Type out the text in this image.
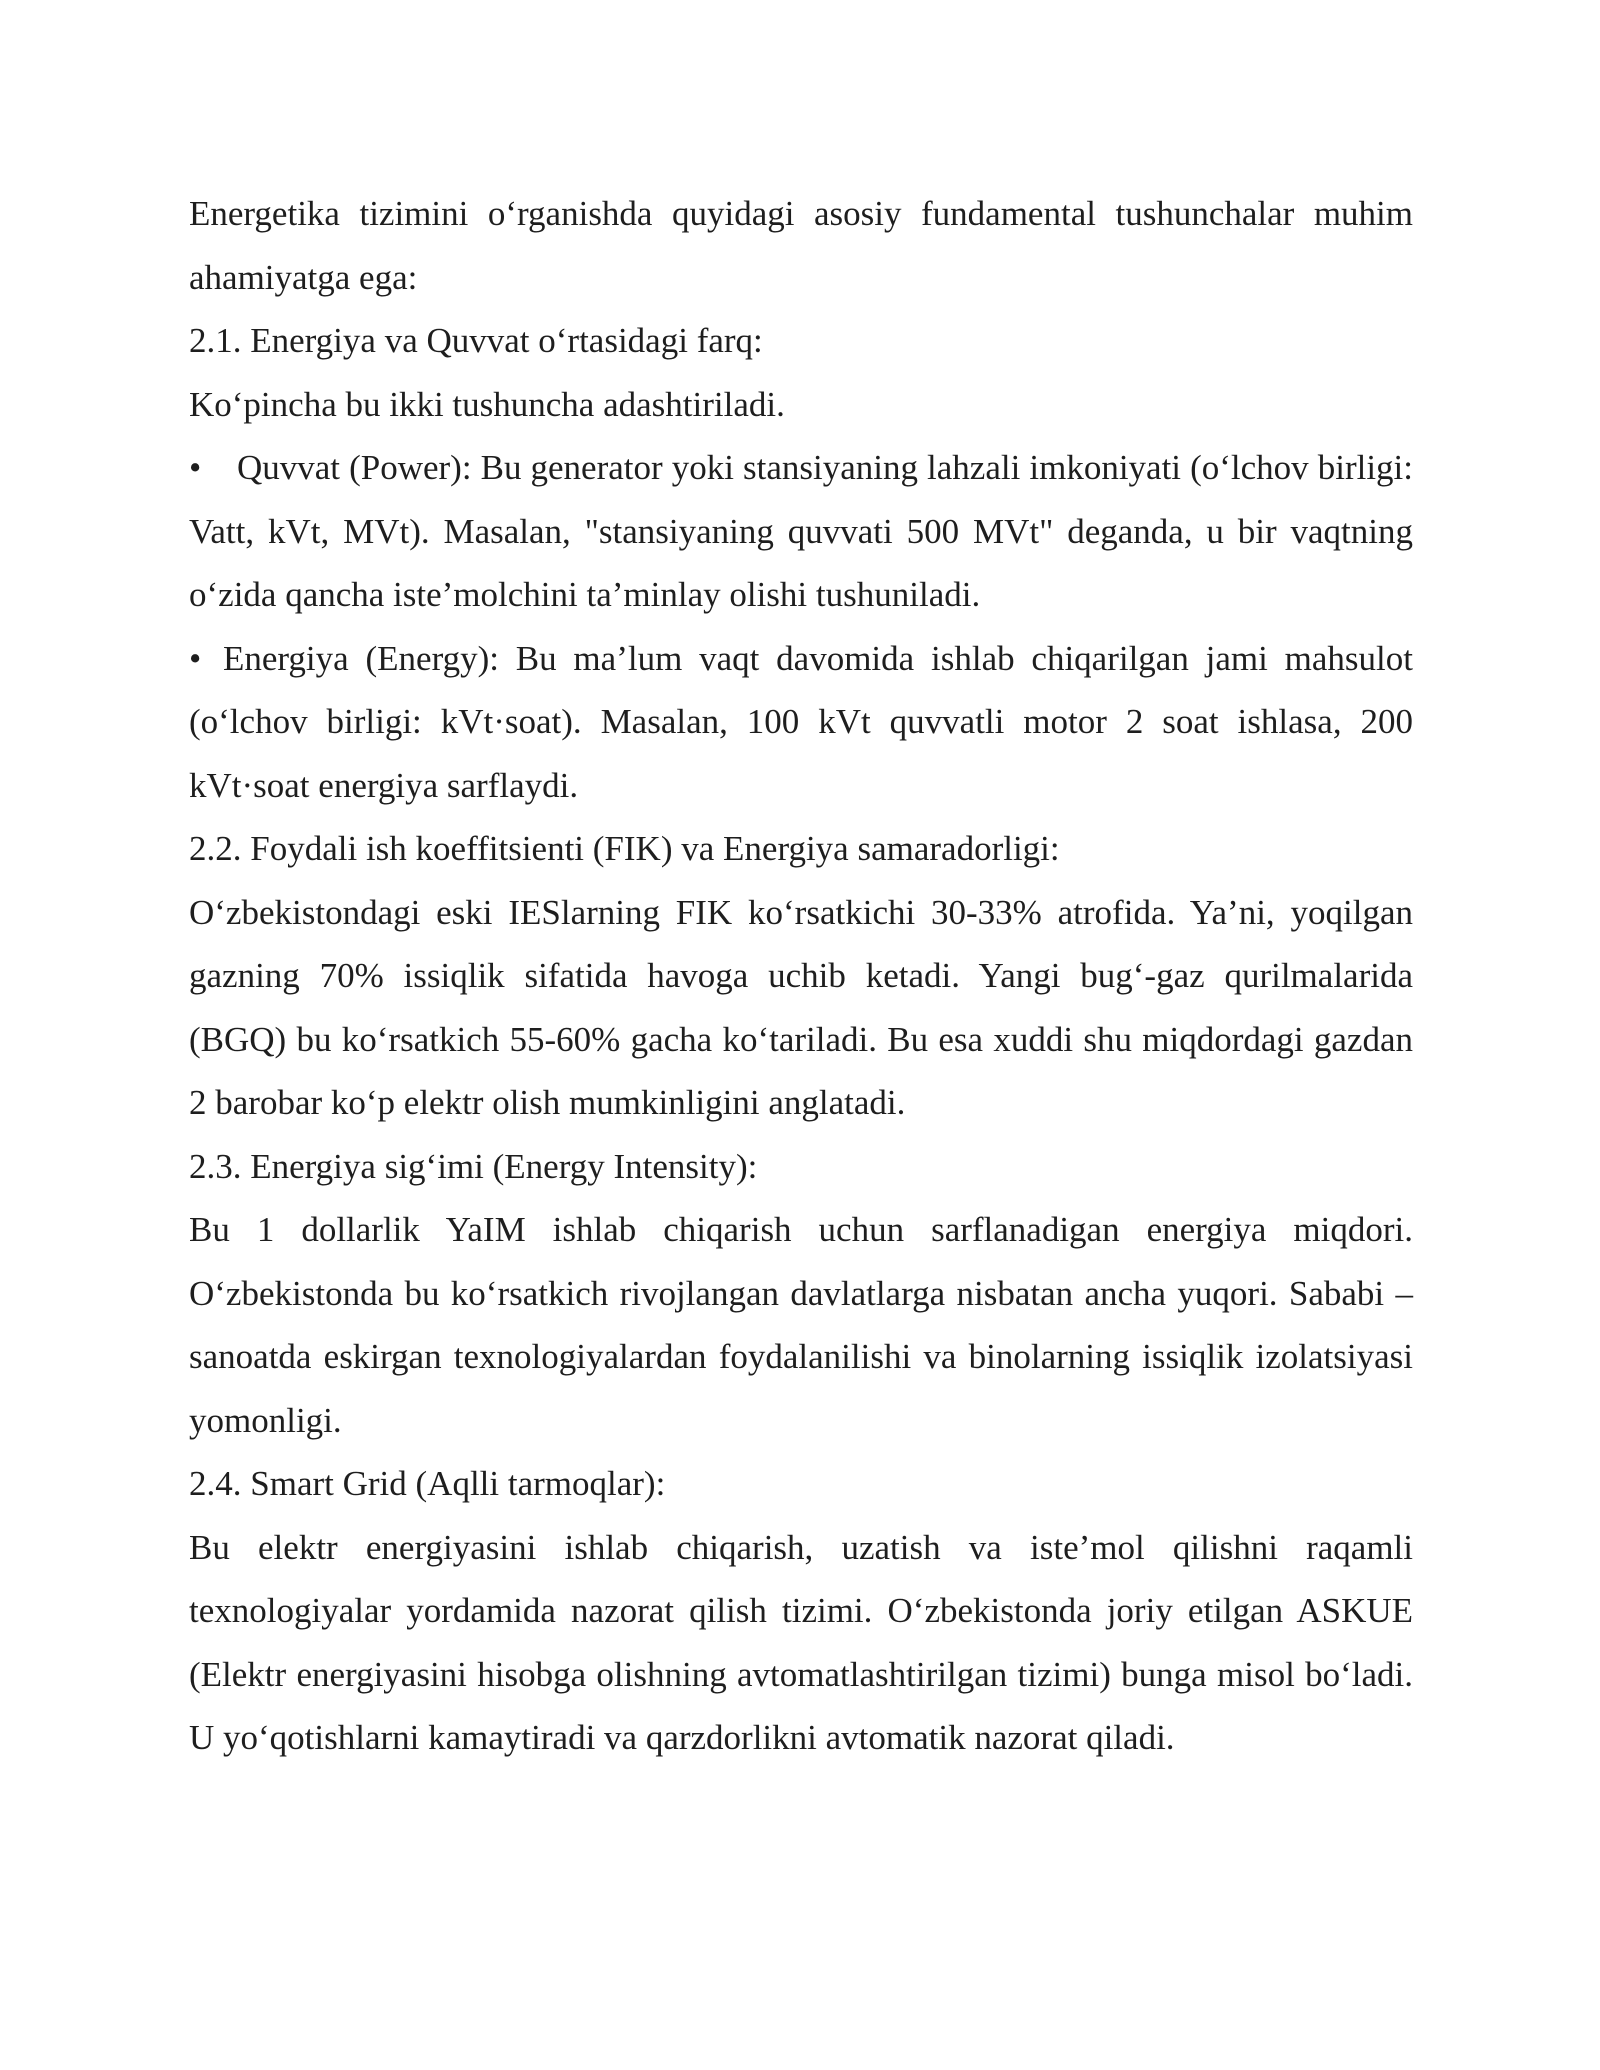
Energetika tizimini o‘rganishda quyidagi asosiy fundamental tushunchalar muhim ahamiyatga ega:

2.1. Energiya va Quvvat o‘rtasidagi farq:

Ko‘pincha bu ikki tushuncha adashtiriladi.

• Quvvat (Power): Bu generator yoki stansiyaning lahzali imkoniyati (o‘lchov birligi: Vatt, kVt, MVt). Masalan, "stansiyaning quvvati 500 MVt" deganda, u bir vaqtning o‘zida qancha iste’molchini ta’minlay olishi tushuniladi.

• Energiya (Energy): Bu ma’lum vaqt davomida ishlab chiqarilgan jami mahsulot (o‘lchov birligi: kVt·soat). Masalan, 100 kVt quvvatli motor 2 soat ishlasa, 200 kVt·soat energiya sarflaydi.

2.2. Foydali ish koeffitsienti (FIK) va Energiya samaradorligi:

O‘zbekistondagi eski IESlarning FIK ko‘rsatkichi 30-33% atrofida. Ya’ni, yoqilgan gazning 70% issiqlik sifatida havoga uchib ketadi. Yangi bug‘-gaz qurilmalarida (BGQ) bu ko‘rsatkich 55-60% gacha ko‘tariladi. Bu esa xuddi shu miqdordagi gazdan 2 barobar ko‘p elektr olish mumkinligini anglatadi.

2.3. Energiya sig‘imi (Energy Intensity):

Bu 1 dollarlik YaIM ishlab chiqarish uchun sarflanadigan energiya miqdori. O‘zbekistonda bu ko‘rsatkich rivojlangan davlatlarga nisbatan ancha yuqori. Sababi – sanoatda eskirgan texnologiyalardan foydalanilishi va binolarning issiqlik izolatsiyasi yomonligi.

2.4. Smart Grid (Aqlli tarmoqlar):

Bu elektr energiyasini ishlab chiqarish, uzatish va iste’mol qilishni raqamli texnologiyalar yordamida nazorat qilish tizimi. O‘zbekistonda joriy etilgan ASKUE (Elektr energiyasini hisobga olishning avtomatlashtirilgan tizimi) bunga misol bo‘ladi. U yo‘qotishlarni kamaytiradi va qarzdorlikni avtomatik nazorat qiladi.
